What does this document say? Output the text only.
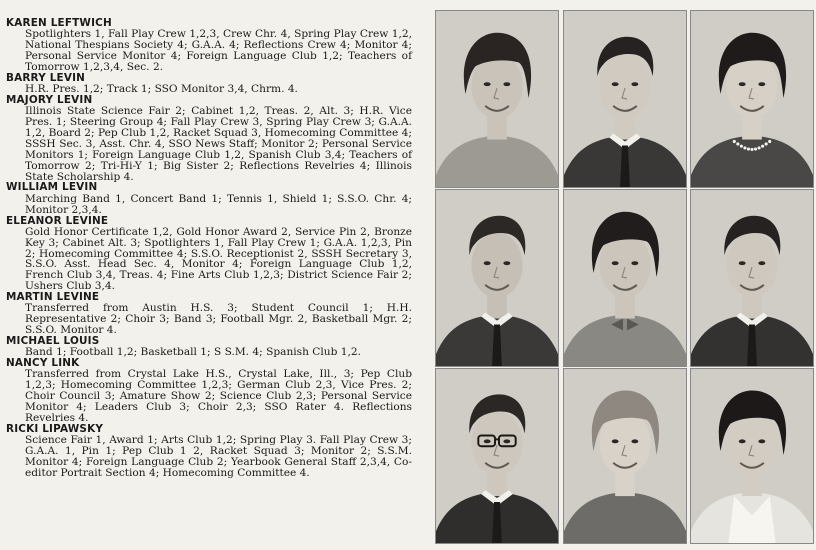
KAREN LEFTWICH

Spotlighters 1, Fall Play Crew 1,2,3, Crew Chr. 4, Spring Play Crew 1,2, National Thespians Society 4; G.A.A. 4; Reflections Crew 4; Monitor 4; Personal Service Monitor 4; Foreign Language Club 1,2; Teachers of Tomorrow 1,2,3,4, Sec. 2.

BARRY LEVIN

H.R. Pres. 1,2; Track 1; SSO Monitor 3,4, Chrm. 4.

MAJORY LEVIN

Illinois State Science Fair 2; Cabinet 1,2, Treas. 2, Alt. 3; H.R. Vice Pres. 1; Steering Group 4; Fall Play Crew 3, Spring Play Crew 3; G.A.A. 1,2, Board 2; Pep Club 1,2, Racket Squad 3, Homecoming Committee 4; SSSH Sec. 3, Asst. Chr. 4, SSO News Staff; Monitor 2; Personal Service Monitors 1; Foreign Language Club 1,2, Spanish Club 3,4; Teachers of Tomorrow 2; Tri-Hi-Y 1; Big Sister 2; Reflections Revelries 4; Illinois State Scholarship 4.

WILLIAM LEVIN

Marching Band 1, Concert Band 1; Tennis 1, Shield 1; S.S.O. Chr. 4; Monitor 2,3,4.

ELEANOR LEVINE

Gold Honor Certificate 1,2, Gold Honor Award 2, Service Pin 2, Bronze Key 3; Cabinet Alt. 3; Spotlighters 1, Fall Play Crew 1; G.A.A. 1,2,3, Pin 2; Homecoming Committee 4; S.S.O. Receptionist 2, SSSH Secretary 3, S.S.O. Asst. Head Sec. 4, Monitor 4; Foreign Language Club 1,2, French Club 3,4, Treas. 4; Fine Arts Club 1,2,3; District Science Fair 2; Ushers Club 3,4.

MARTIN LEVINE

Transferred from Austin H.S. 3; Student Council 1; H.H. Representative 2; Choir 3; Band 3; Football Mgr. 2, Basketball Mgr. 2; S.S.O. Monitor 4.

MICHAEL LOUIS

Band 1; Football 1,2; Basketball 1; S S.M. 4; Spanish Club 1,2.

NANCY LINK

Transferred from Crystal Lake H.S., Crystal Lake, Ill., 3; Pep Club 1,2,3; Homecoming Committee 1,2,3; German Club 2,3, Vice Pres. 2; Choir Council 3; Amature Show 2; Science Club 2,3; Personal Service Monitor 4; Leaders Club 3; Choir 2,3; SSO Rater 4. Reflections Revelries 4.

RICKI LIPAWSKY

Science Fair 1, Award 1; Arts Club 1,2; Spring Play 3. Fall Play Crew 3; G.A.A. 1, Pin 1; Pep Club 1 2, Racket Squad 3; Monitor 2; S.S.M. Monitor 4; Foreign Language Club 2; Yearbook General Staff 2,3,4, Co-editor Portrait Section 4; Homecoming Committee 4.
